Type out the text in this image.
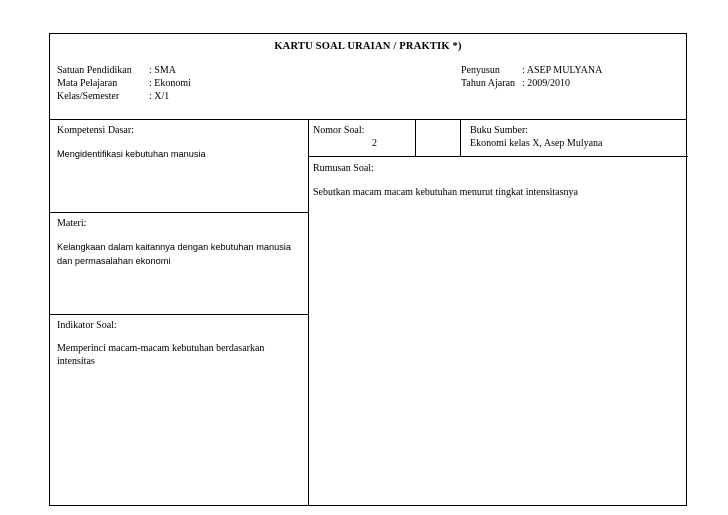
KARTU SOAL URAIAN / PRAKTIK *)
Satuan Pendidikan : SMA
Mata Pelajaran	: Ekonomi
Kelas/Semester	: X/1
Penyusun : ASEP MULYANA
Tahun Ajaran : 2009/2010
Kompetensi Dasar:
Mengidentifikasi kebutuhan manusia
Materi:
Kelangkaan dalam kaitannya dengan kebutuhan manusia
dan permasalahan ekonomi
Indikator Soal:
Memperinci macam-macam kebutuhan berdasarkan
intensitas
Nomor Soal:
2
Buku Sumber:
Ekonomi kelas X, Asep Mulyana
Rumusan Soal:
Sebutkan macam macam kebutuhan menurut tingkat intensitasnya
